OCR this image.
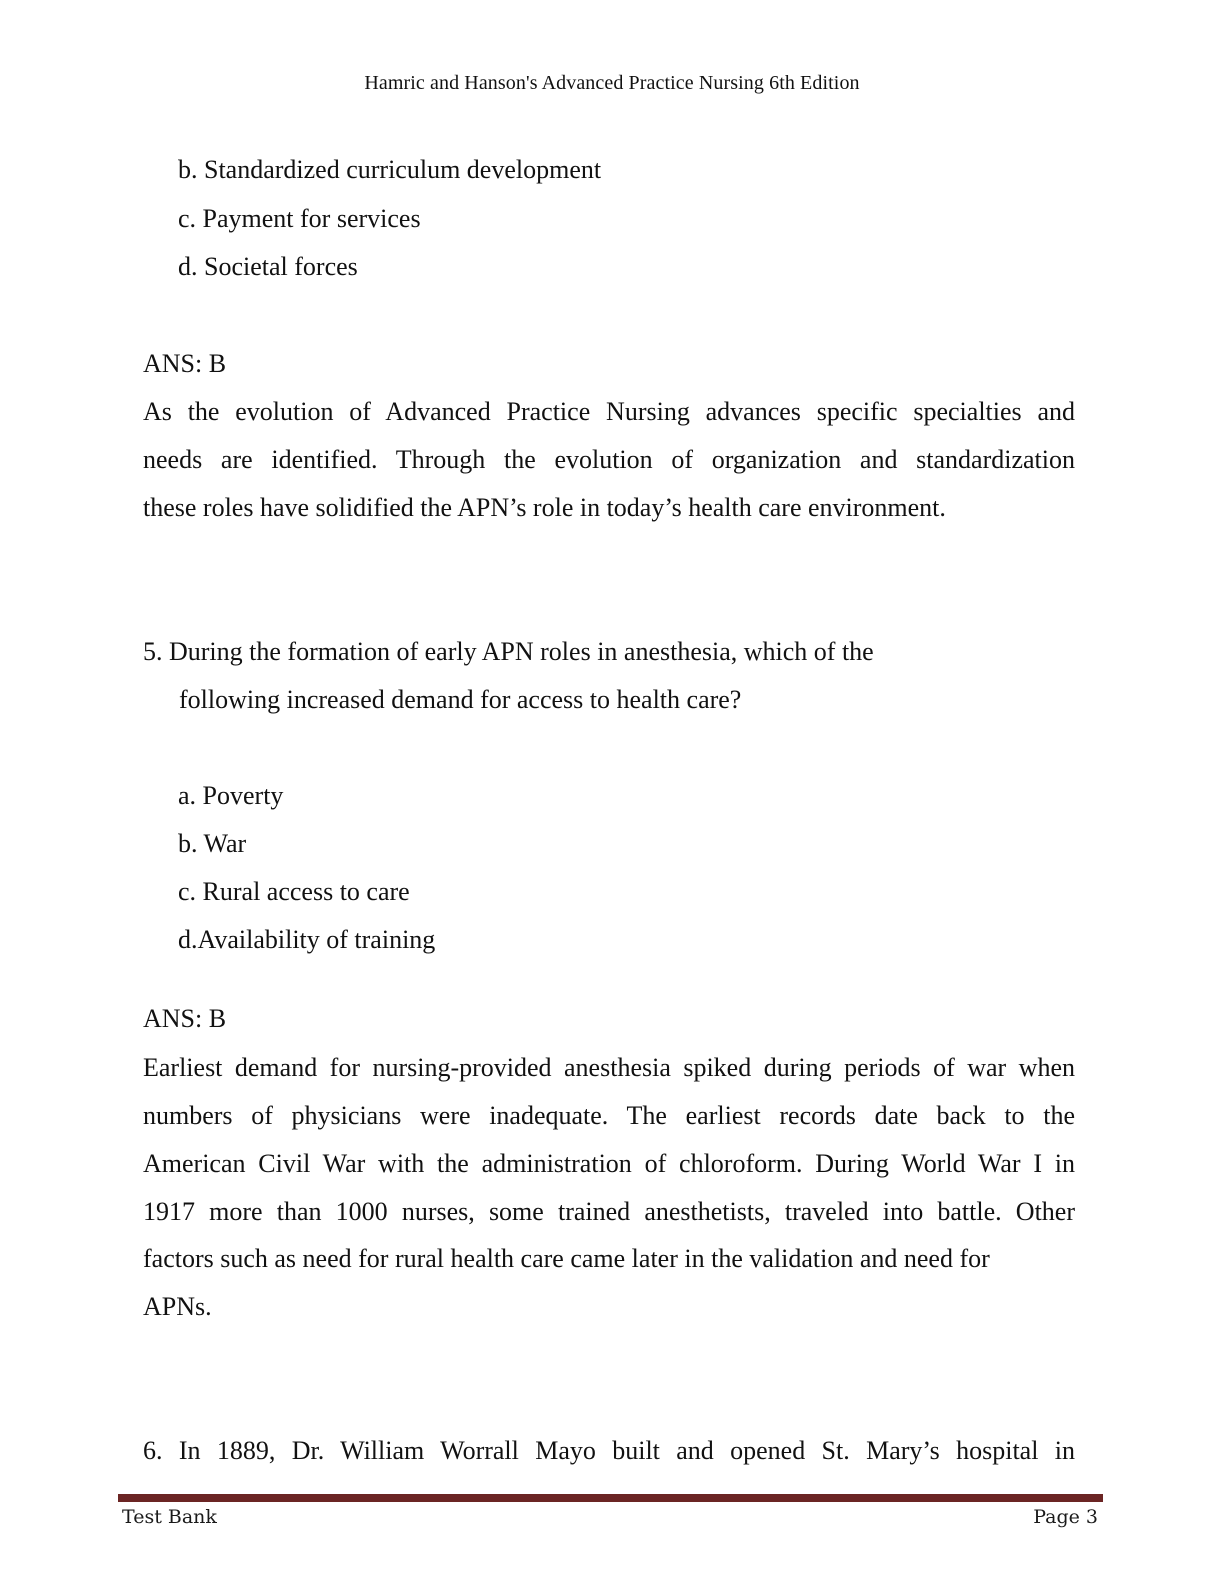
Hamric and Hanson's Advanced Practice Nursing 6th Edition
b. Standardized curriculum development
c. Payment for services
d. Societal forces
ANS: B
As the evolution of Advanced Practice Nursing advances specific specialties and
needs are identified. Through the evolution of organization and standardization
these roles have solidified the APN’s role in today’s health care environment.
5. During the formation of early APN roles in anesthesia, which of the
following increased demand for access to health care?
a. Poverty
b. War
c. Rural access to care
d.Availability of training
ANS: B
Earliest demand for nursing-provided anesthesia spiked during periods of war when
numbers of physicians were inadequate. The earliest records date back to the
American Civil War with the administration of chloroform. During World War I in
1917 more than 1000 nurses, some trained anesthetists, traveled into battle. Other
factors such as need for rural health care came later in the validation and need for
APNs.
6. In 1889, Dr. William Worrall Mayo built and opened St. Mary’s hospital in
Test Bank	Page 3
